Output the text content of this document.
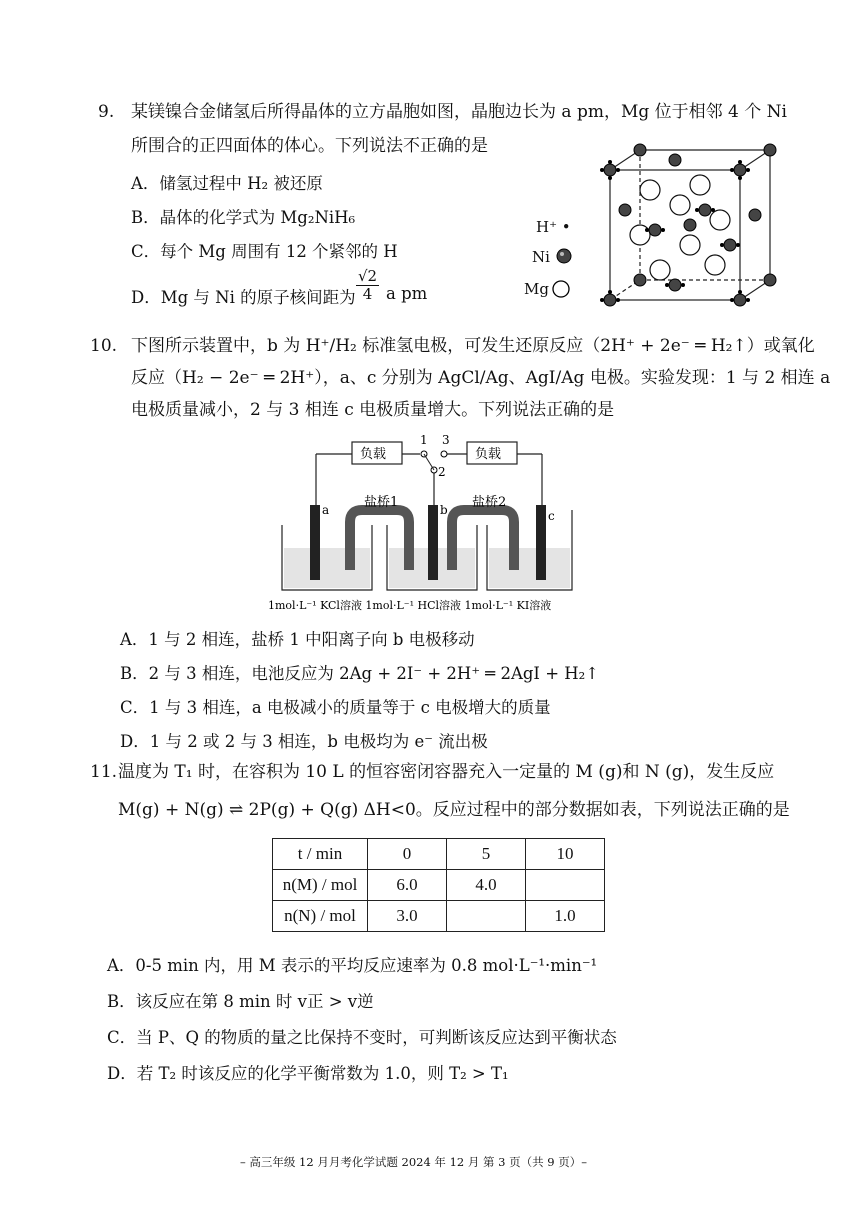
9. 某镁镍合金储氢后所得晶体的立方晶胞如图，晶胞边长为 a pm，Mg 位于相邻 4 个 Ni
所围合的正四面体的体心。下列说法不正确的是
A．储氢过程中 H₂ 被还原
B．晶体的化学式为 Mg₂NiH₆
C．每个 Mg 周围有 12 个紧邻的 H
D．Mg 与 Ni 的原子核间距为 $\frac{√2}{4}$ a pm
H⁺ •
Ni
Mg
10. 下图所示装置中，b 为 H⁺/H₂ 标准氢电极，可发生还原反应（2H⁺ + 2e⁻ ═ H₂↑）或氧化
反应（H₂ − 2e⁻ ═ 2H⁺），a、c 分别为 AgCl/Ag、AgI/Ag 电极。实验发现：1 与 2 相连 a
电极质量减小，2 与 3 相连 c 电极质量增大。下列说法正确的是
1 3
2
负载	负载
盐桥1	盐桥2
a	b	c
1mol·L⁻¹ KCl溶液 1mol·L⁻¹ HCl溶液 1mol·L⁻¹ KI溶液
A．1 与 2 相连，盐桥 1 中阳离子向 b 电极移动
B．2 与 3 相连，电池反应为 2Ag + 2I⁻ + 2H⁺ ═ 2AgI + H₂↑
C．1 与 3 相连，a 电极减小的质量等于 c 电极增大的质量
D．1 与 2 或 2 与 3 相连，b 电极均为 e⁻ 流出极
11. 温度为 T₁ 时，在容积为 10 L 的恒容密闭容器充入一定量的 M (g)和 N (g)，发生反应
M(g) + N(g) ⇌ 2P(g) + Q(g) ΔH<0。反应过程中的部分数据如表，下列说法正确的是
t / min	0	5	10
n(M) / mol	6.0	4.0	
n(N) / mol	3.0		1.0
A．0-5 min 内，用 M 表示的平均反应速率为 0.8 mol·L⁻¹·min⁻¹
B．该反应在第 8 min 时 v正 > v逆
C．当 P、Q 的物质的量之比保持不变时，可判断该反应达到平衡状态
D．若 T₂ 时该反应的化学平衡常数为 1.0，则 T₂ > T₁
– 高三年级 12 月月考化学试题 2024 年 12 月 第 3 页（共 9 页）–
